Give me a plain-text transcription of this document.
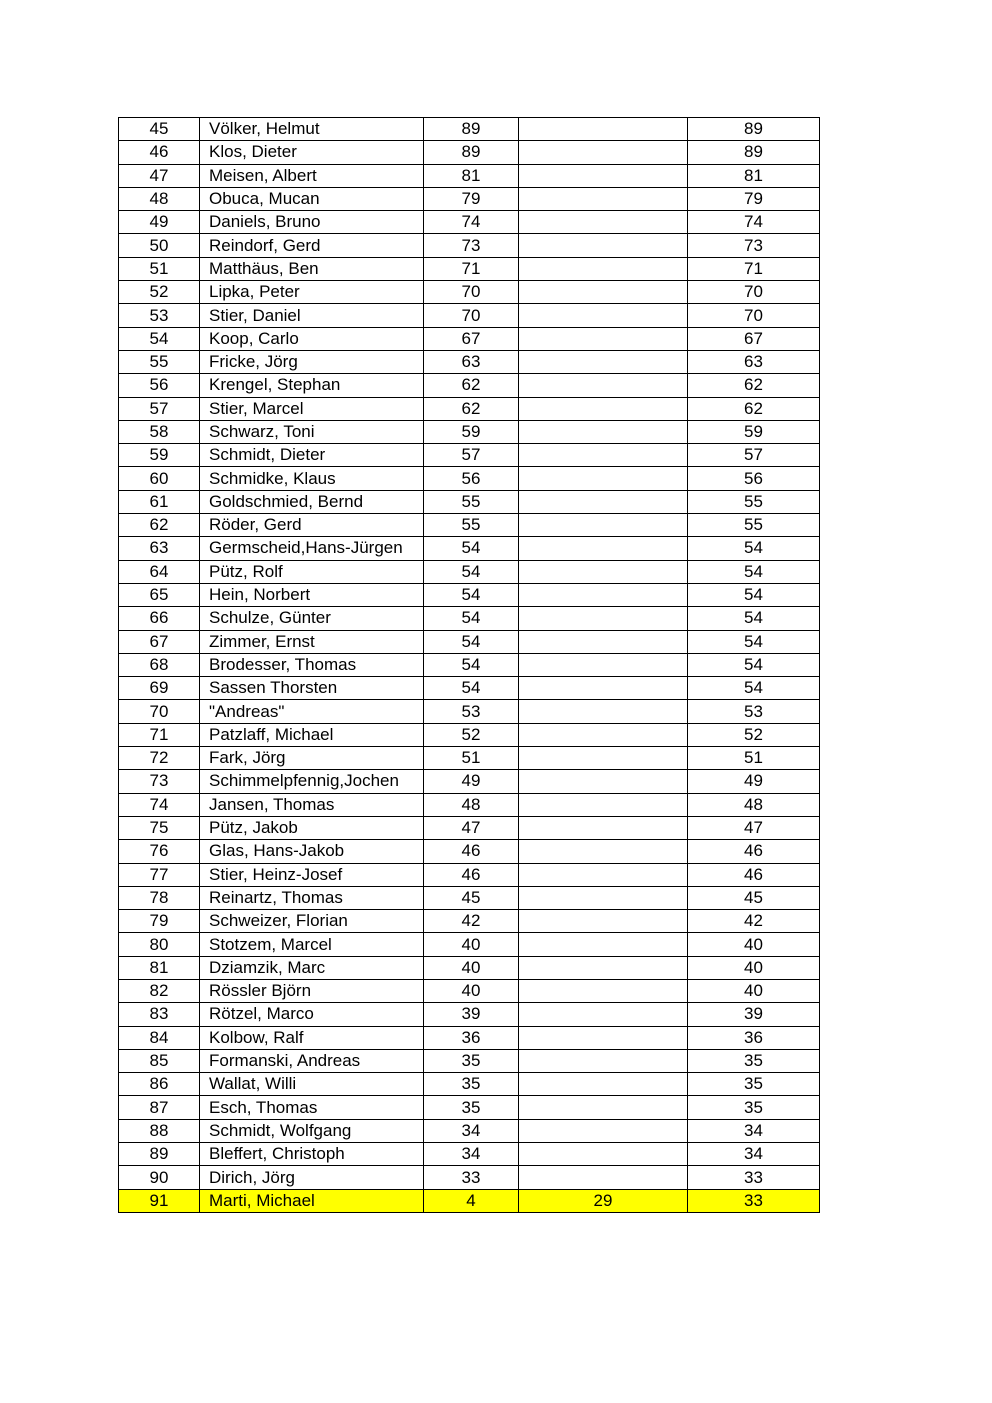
45	Völker, Helmut	89		89
46	Klos, Dieter	89		89
47	Meisen, Albert	81		81
48	Obuca, Mucan	79		79
49	Daniels, Bruno	74		74
50	Reindorf, Gerd	73		73
51	Matthäus, Ben	71		71
52	Lipka, Peter	70		70
53	Stier, Daniel	70		70
54	Koop, Carlo	67		67
55	Fricke, Jörg	63		63
56	Krengel, Stephan	62		62
57	Stier, Marcel	62		62
58	Schwarz, Toni	59		59
59	Schmidt, Dieter	57		57
60	Schmidke, Klaus	56		56
61	Goldschmied, Bernd	55		55
62	Röder, Gerd	55		55
63	Germscheid,Hans-Jürgen	54		54
64	Pütz, Rolf	54		54
65	Hein, Norbert	54		54
66	Schulze, Günter	54		54
67	Zimmer, Ernst	54		54
68	Brodesser, Thomas	54		54
69	Sassen Thorsten	54		54
70	"Andreas"	53		53
71	Patzlaff, Michael	52		52
72	Fark, Jörg	51		51
73	Schimmelpfennig,Jochen	49		49
74	Jansen, Thomas	48		48
75	Pütz, Jakob	47		47
76	Glas, Hans-Jakob	46		46
77	Stier, Heinz-Josef	46		46
78	Reinartz, Thomas	45		45
79	Schweizer, Florian	42		42
80	Stotzem, Marcel	40		40
81	Dziamzik, Marc	40		40
82	Rössler Björn	40		40
83	Rötzel, Marco	39		39
84	Kolbow, Ralf	36		36
85	Formanski, Andreas	35		35
86	Wallat, Willi	35		35
87	Esch, Thomas	35		35
88	Schmidt, Wolfgang	34		34
89	Bleffert, Christoph	34		34
90	Dirich, Jörg	33		33
91	Marti, Michael	4	29	33
